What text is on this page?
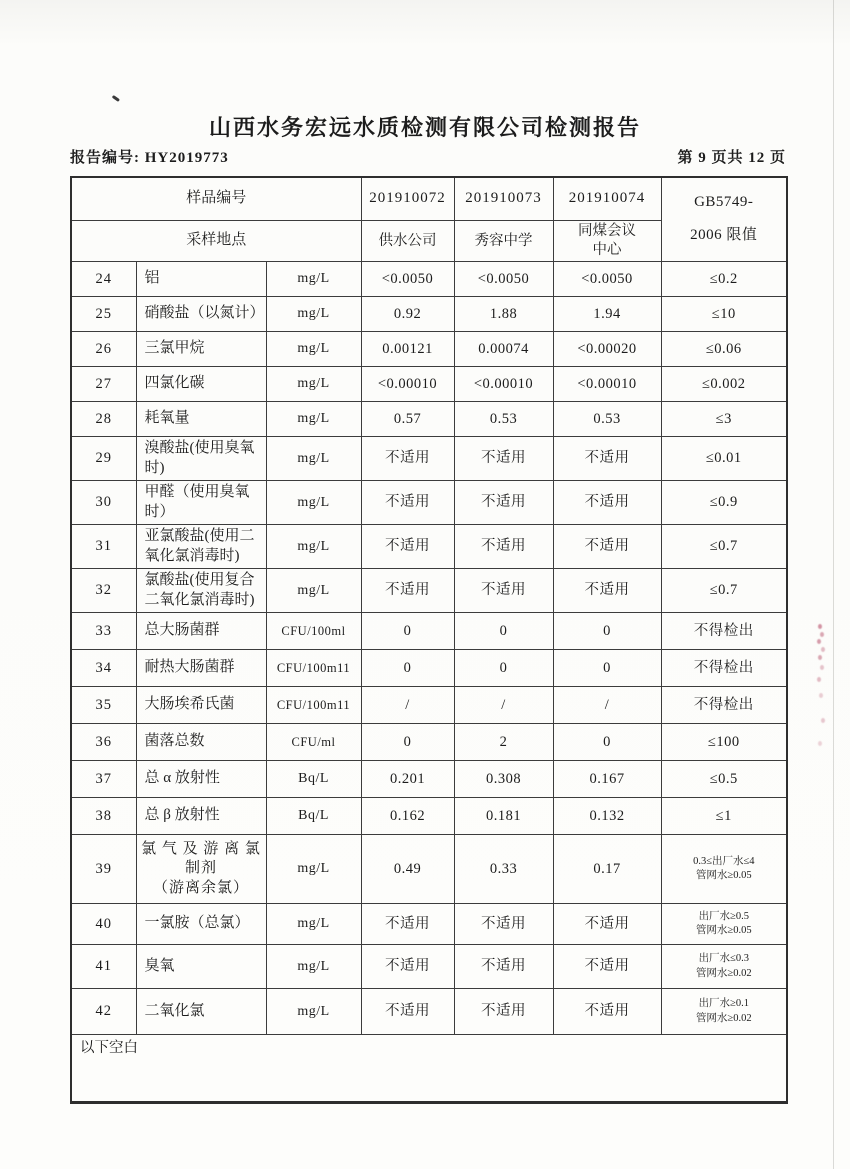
山西水务宏远水质检测有限公司检测报告
报告编号: HY2019773	第 9 页共 12 页
样品编号			201910072	201910073	201910074	GB5749-
2006 限值

采样地点			供水公司	秀容中学	同煤会议
中心	
24	铝	mg/L	<0.0050	<0.0050	<0.0050	≤0.2
25	硝酸盐（以氮计）	mg/L	0.92	1.88	1.94	≤10
26	三氯甲烷	mg/L	0.00121	0.00074	<0.00020	≤0.06
27	四氯化碳	mg/L	<0.00010	<0.00010	<0.00010	≤0.002
28	耗氧量	mg/L	0.57	0.53	0.53	≤3
29	溴酸盐(使用臭氧
时)	mg/L	不适用	不适用	不适用	≤0.01
30	甲醛（使用臭氧
时）	mg/L	不适用	不适用	不适用	≤0.9
31	亚氯酸盐(使用二
氧化氯消毒时)	mg/L	不适用	不适用	不适用	≤0.7
32	氯酸盐(使用复合
二氧化氯消毒时)	mg/L	不适用	不适用	不适用	≤0.7
33	总大肠菌群	CFU/100ml	0	0	0	不得检出
34	耐热大肠菌群	CFU/100m11	0	0	0	不得检出
35	大肠埃希氏菌	CFU/100m11	/	/	/	不得检出
36	菌落总数	CFU/ml	0	2	0	≤100
37	总 α 放射性	Bq/L	0.201	0.308	0.167	≤0.5
38	总 β 放射性	Bq/L	0.162	0.181	0.132	≤1
39	氯 气 及 游 离 氯
制剂
（游离余氯）	mg/L	0.49	0.33	0.17	0.3≤出厂水≤4
管网水≥0.05
40	一氯胺（总氯）	mg/L	不适用	不适用	不适用	出厂水≥0.5
管网水≥0.05
41	臭氧	mg/L	不适用	不适用	不适用	出厂水≤0.3
管网水≥0.02
42	二氧化氯	mg/L	不适用	不适用	不适用	出厂水≥0.1
管网水≥0.02
以下空白						
